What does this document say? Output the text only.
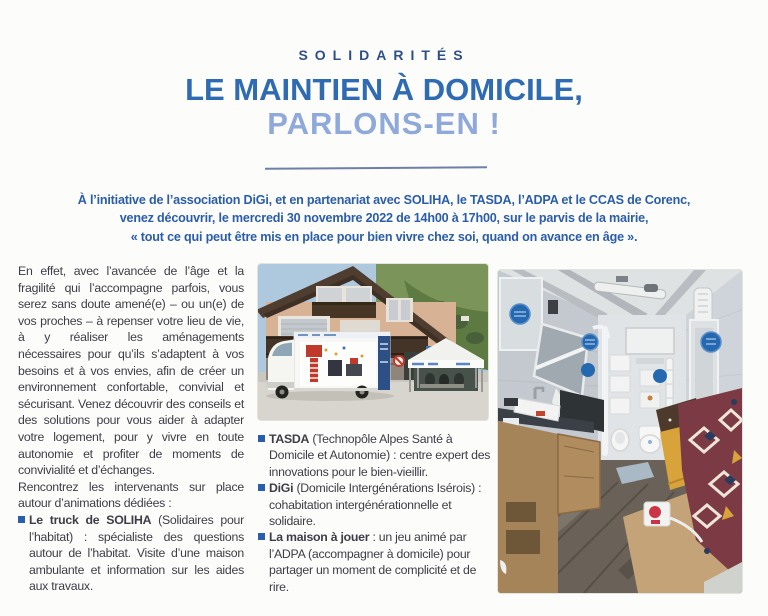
SOLIDARITÉS
LE MAINTIEN À DOMICILE,
PARLONS-EN !
À l’initiative de l’association DiGi, et en partenariat avec SOLIHA, le TASDA, l’ADPA et le CCAS de Corenc,
venez découvrir, le mercredi 30 novembre 2022 de 14h00 à 17h00, sur le parvis de la mairie,
« tout ce qui peut être mis en place pour bien vivre chez soi, quand on avance en âge ».

En effet, avec l’avancée de l’âge et la fragilité qui l’accompagne parfois, vous serez sans doute amené(e) – ou un(e) de vos proches – à repenser votre lieu de vie, à y réaliser les aménagements nécessaires pour qu’ils s’adaptent à vos besoins et à vos envies, afin de créer un environnement confortable, convivial et sécurisant. Venez découvrir des conseils et des solutions pour vous aider à adapter votre logement, pour y vivre en toute autonomie et profiter de moments de convivialité et d’échanges.

Rencontrez les intervenants sur place autour d’animations dédiées :

Le truck de SOLIHA (Solidaires pour l’habitat) : spécialiste des questions autour de l’habitat. Visite d’une maison ambulante et information sur les aides aux travaux.
TASDA (Technopôle Alpes Santé à Domicile et Autonomie) : centre expert des innovations pour le bien-vieillir.
DiGi (Domicile Intergénérations Isérois) : cohabitation intergénérationnelle et solidaire.
La maison à jouer : un jeu animé par l’ADPA (accompagner à domicile) pour partager un moment de complicité et de rire.
